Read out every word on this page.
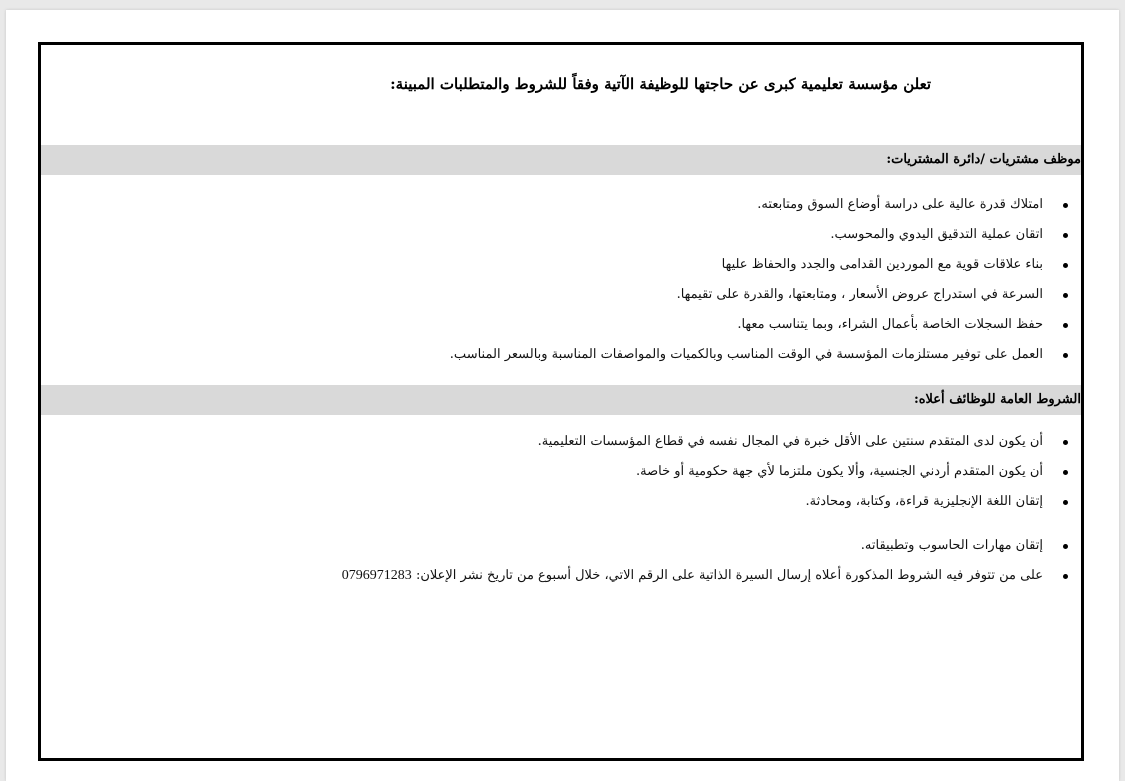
تعلن مؤسسة تعليمية كبرى عن حاجتها للوظيفة الآتية وفقاً للشروط والمتطلبات المبينة:
موظف مشتريات /دائرة المشتريات:
امتلاك قدرة عالية على دراسة أوضاع السوق ومتابعته.
اتقان عملية التدقيق اليدوي والمحوسب.
بناء علاقات قوية مع الموردين القدامى والجدد والحفاظ عليها
السرعة في استدراج عروض الأسعار ، ومتابعتها، والقدرة على تقيمها.
حفظ السجلات الخاصة بأعمال الشراء، وبما يتناسب معها.
العمل على توفير مستلزمات المؤسسة في الوقت المناسب وبالكميات والمواصفات المناسبة وبالسعر المناسب.
الشروط العامة للوظائف أعلاه:
أن يكون لدى المتقدم سنتين على الأقل خبرة في المجال نفسه في قطاع المؤسسات التعليمية.
أن يكون المتقدم أردني الجنسية، وألا يكون ملتزما لأي جهة حكومية أو خاصة.
إتقان اللغة الإنجليزية قراءة، وكتابة، ومحادثة.
إتقان مهارات الحاسوب وتطبيقاته.
على من تتوفر فيه الشروط المذكورة أعلاه إرسال السيرة الذاتية على الرقم الاتي، خلال أسبوع من تاريخ نشر الإعلان: 0796971283
